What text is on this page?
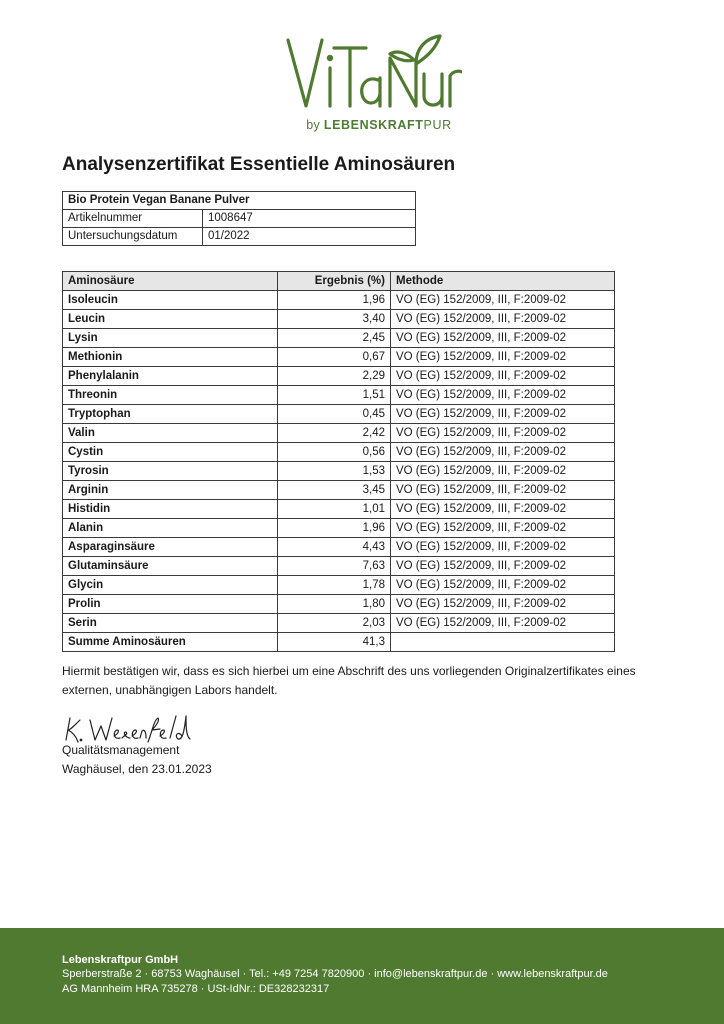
by LEBENSKRAFTPUR
Analysenzertifikat Essentielle Aminosäuren
Bio Protein Vegan Banane Pulver	
Artikelnummer	1008647
Untersuchungsdatum	01/2022
Aminosäure	Ergebnis (%)	Methode
Isoleucin	1,96	VO (EG) 152/2009, III, F:2009-02
Leucin	3,40	VO (EG) 152/2009, III, F:2009-02
Lysin	2,45	VO (EG) 152/2009, III, F:2009-02
Methionin	0,67	VO (EG) 152/2009, III, F:2009-02
Phenylalanin	2,29	VO (EG) 152/2009, III, F:2009-02
Threonin	1,51	VO (EG) 152/2009, III, F:2009-02
Tryptophan	0,45	VO (EG) 152/2009, III, F:2009-02
Valin	2,42	VO (EG) 152/2009, III, F:2009-02
Cystin	0,56	VO (EG) 152/2009, III, F:2009-02
Tyrosin	1,53	VO (EG) 152/2009, III, F:2009-02
Arginin	3,45	VO (EG) 152/2009, III, F:2009-02
Histidin	1,01	VO (EG) 152/2009, III, F:2009-02
Alanin	1,96	VO (EG) 152/2009, III, F:2009-02
Asparaginsäure	4,43	VO (EG) 152/2009, III, F:2009-02
Glutaminsäure	7,63	VO (EG) 152/2009, III, F:2009-02
Glycin	1,78	VO (EG) 152/2009, III, F:2009-02
Prolin	1,80	VO (EG) 152/2009, III, F:2009-02
Serin	2,03	VO (EG) 152/2009, III, F:2009-02
Summe Aminosäuren	41,3	

Hiermit bestätigen wir, dass es sich hierbei um eine Abschrift des uns vorliegenden Originalzertifikates eines externen, unabhängigen Labors handelt.

Qualitätsmanagement
Waghäusel, den 23.01.2023
Lebenskraftpur GmbH
Sperberstraße 2 · 68753 Waghäusel · Tel.: +49 7254 7820900 · info@lebenskraftpur.de · www.lebenskraftpur.de
AG Mannheim HRA 735278 · USt-IdNr.: DE328232317
